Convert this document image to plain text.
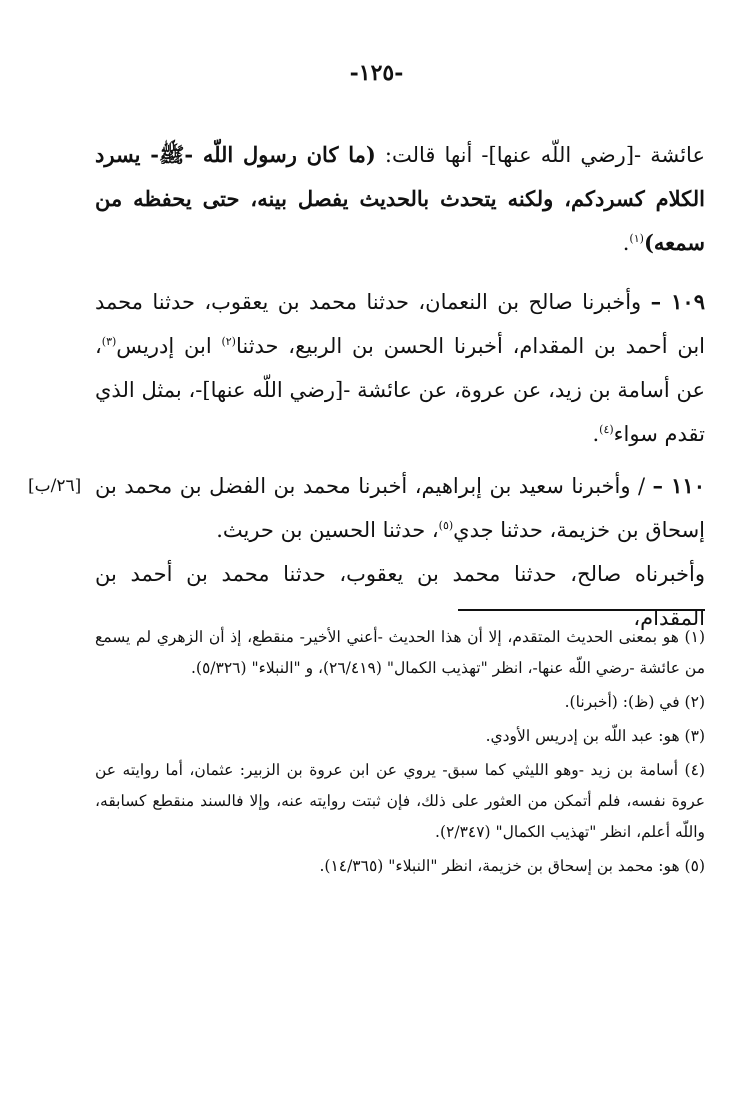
-١٢٥-

عائشة -[رضي اللّه عنها]- أنها قالت: (ما كان رسول اللّه -ﷺ- يسرد الكلام كسردكم، ولكنه يتحدث بالحديث يفصل بينه، حتى يحفظه من سمعه)$^{(١)}$.

١٠٩ – وأخبرنا صالح بن النعمان، حدثنا محمد بن يعقوب، حدثنا محمد ابن أحمد بن المقدام، أخبرنا الحسن بن الربيع، حدثنا$^{(٢)}$ ابن إدريس$^{(٣)}$، عن أسامة بن زيد، عن عروة، عن عائشة -[رضي اللّه عنها]-، بمثل الذي تقدم سواء$^{(٤)}$.

[٢٦/ب]	١١٠ – / وأخبرنا سعيد بن إبراهيم، أخبرنا محمد بن الفضل بن محمد بن إسحاق بن خزيمة، حدثنا جدي$^{(٥)}$، حدثنا الحسين بن حريث.

وأخبرناه صالح، حدثنا محمد بن يعقوب، حدثنا محمد بن أحمد بن المقدام،

(١) هو بمعنى الحديث المتقدم، إلا أن هذا الحديث -أعني الأخير- منقطع، إذ أن الزهري لم يسمع من عائشة -رضي اللّه عنها-، انظر "تهذيب الكمال" (٢٦/٤١٩)، و "النبلاء" (٥/٣٢٦).

(٢) في (ظ): (أخبرنا).

(٣) هو: عبد اللّه بن إدريس الأودي.

(٤) أسامة بن زيد -وهو الليثي كما سبق- يروي عن ابن عروة بن الزبير: عثمان، أما روايته عن عروة نفسه، فلم أتمكن من العثور على ذلك، فإن ثبتت روايته عنه، وإلا فالسند منقطع كسابقه، واللّه أعلم، انظر "تهذيب الكمال" (٢/٣٤٧).

(٥) هو: محمد بن إسحاق بن خزيمة، انظر "النبلاء" (١٤/٣٦٥).
